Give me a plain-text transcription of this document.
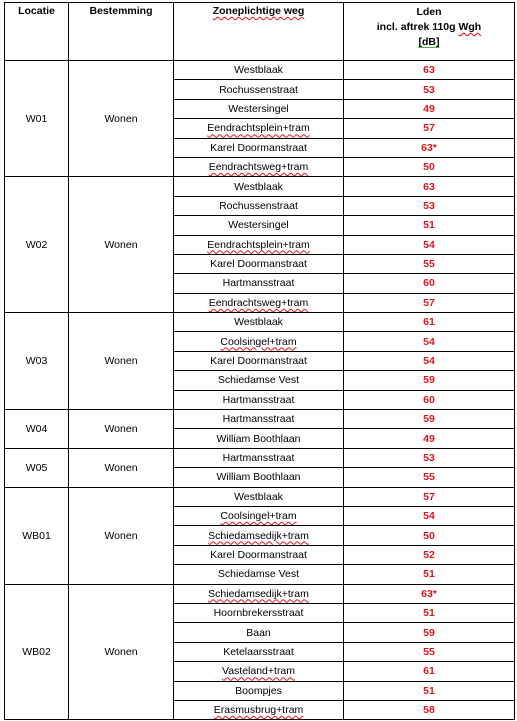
Locatie	Bestemming	Zoneplichtige weg	Lden
incl. aftrek 110g Wgh
[dB]

W01	Wonen	Westblaak	63
		Rochussenstraat	53
		Westersingel	49
		Eendrachtsplein+tram	57
		Karel Doormanstraat	63*
		Eendrachtsweg+tram	50
W02	Wonen	Westblaak	63
		Rochussenstraat	53
		Westersingel	51
		Eendrachtsplein+tram	54
		Karel Doormanstraat	55
		Hartmansstraat	60
		Eendrachtsweg+tram	57
W03	Wonen	Westblaak	61
		Coolsingel+tram	54
		Karel Doormanstraat	54
		Schiedamse Vest	59
		Hartmansstraat	60
W04	Wonen	Hartmansstraat	59
		William Boothlaan	49
W05	Wonen	Hartmansstraat	53
		William Boothlaan	55
WB01	Wonen	Westblaak	57
		Coolsingel+tram	54
		Schiedamsedijk+tram	50
		Karel Doormanstraat	52
		Schiedamse Vest	51
WB02	Wonen	Schiedamsedijk+tram	63*
		Hoornbrekersstraat	51
		Baan	59
		Ketelaarsstraat	55
		Vasteland+tram	61
		Boompjes	51
		Erasmusbrug+tram	58
